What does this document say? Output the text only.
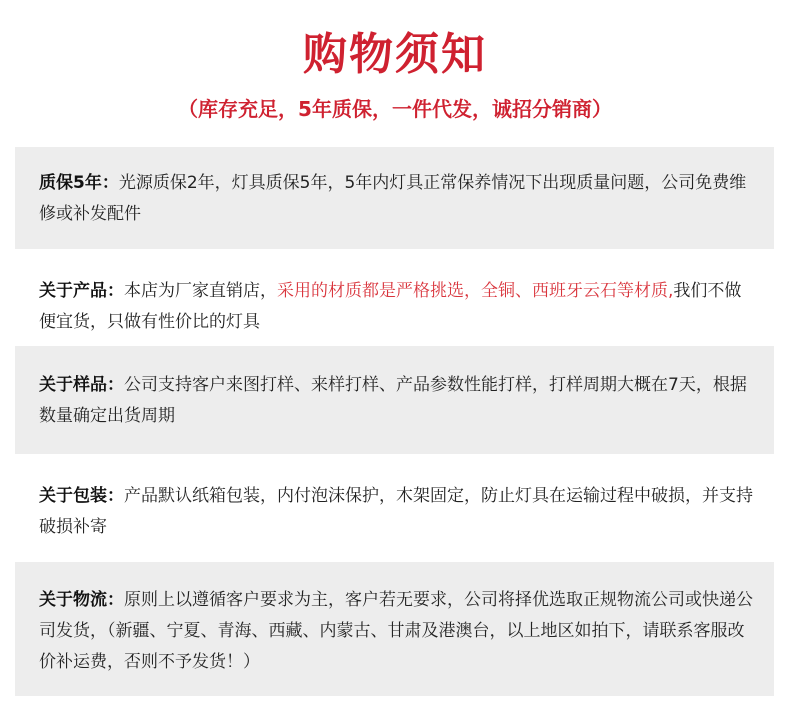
购物须知
（库存充足，5年质保，一件代发，诚招分销商）
质保5年：光源质保2年，灯具质保5年，5年内灯具正常保养情况下出现质量问题，公司免费维修或补发配件
关于产品：本店为厂家直销店，采用的材质都是严格挑选，全铜、西班牙云石等材质,我们不做便宜货，只做有性价比的灯具
关于样品：公司支持客户来图打样、来样打样、产品参数性能打样，打样周期大概在7天，根据数量确定出货周期
关于包装：产品默认纸箱包装，内付泡沫保护，木架固定，防止灯具在运输过程中破损，并支持破损补寄
关于物流：原则上以遵循客户要求为主，客户若无要求，公司将择优选取正规物流公司或快递公司发货，（新疆、宁夏、青海、西藏、内蒙古、甘肃及港澳台，以上地区如拍下，请联系客服改价补运费，否则不予发货！）
